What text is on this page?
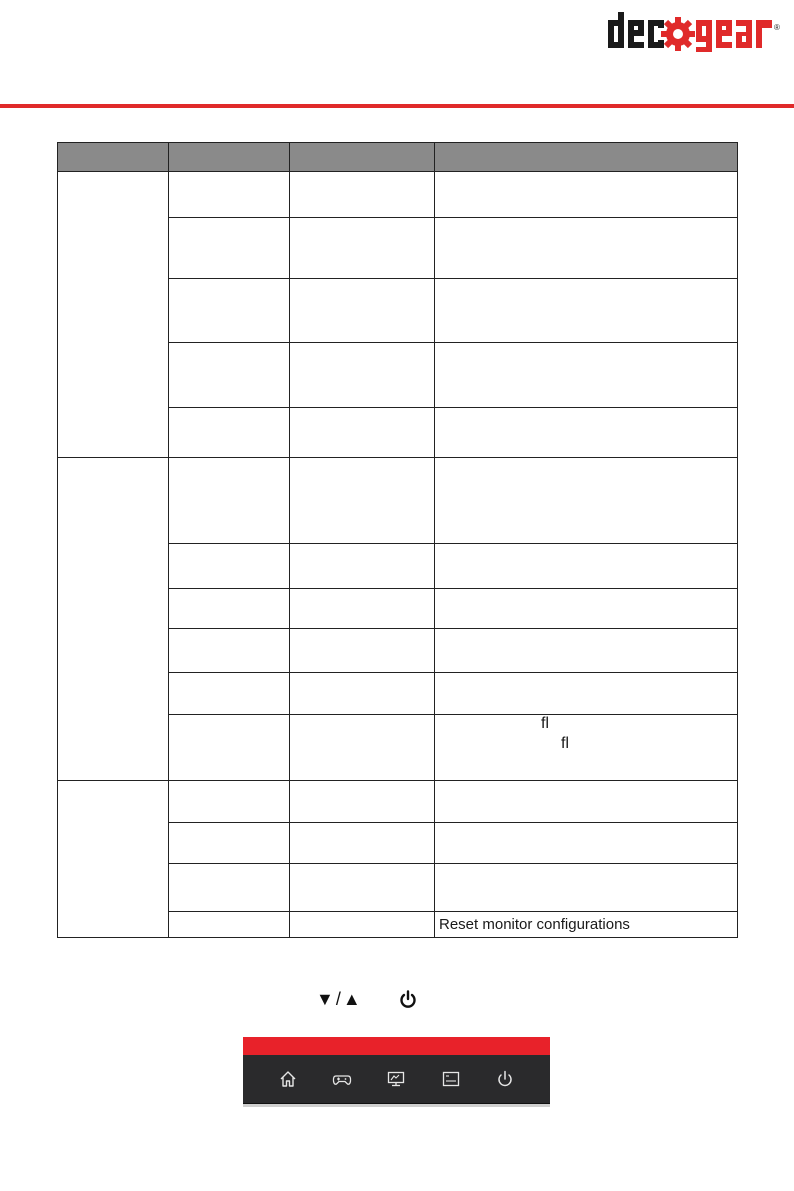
®

			ﬂ
ﬂ

			Reset monitor configurations
▼ / ▲
